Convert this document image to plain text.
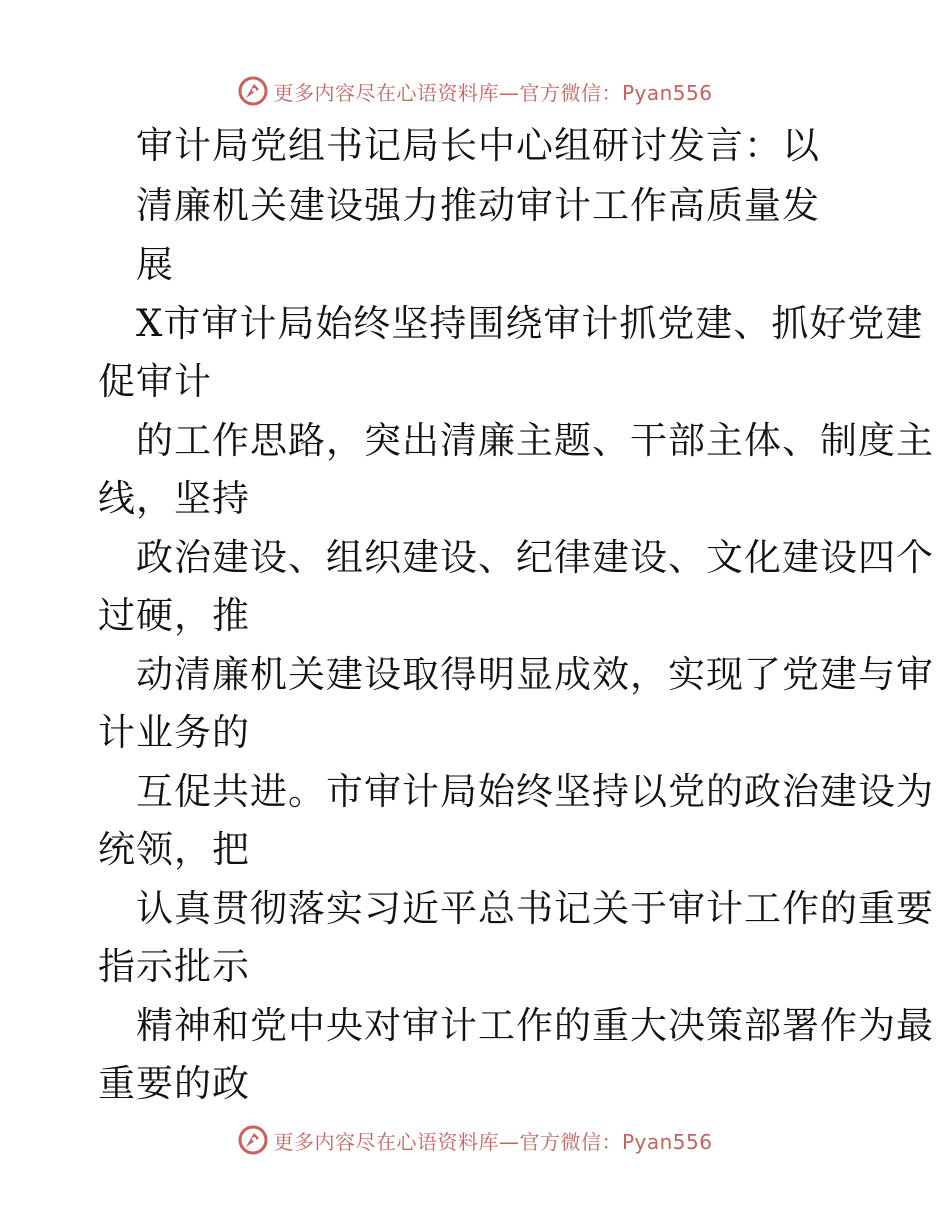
更多内容尽在心语资料库—官方微信：Pyan556
审计局党组书记局长中心组研讨发言：以
清廉机关建设强力推动审计工作高质量发
展
X市审计局始终坚持围绕审计抓党建、抓好党建
促审计
的工作思路，突出清廉主题、干部主体、制度主
线，坚持
政治建设、组织建设、纪律建设、文化建设四个
过硬，推
动清廉机关建设取得明显成效，实现了党建与审
计业务的
互促共进。市审计局始终坚持以党的政治建设为
统领，把
认真贯彻落实习近平总书记关于审计工作的重要
指示批示
精神和党中央对审计工作的重大决策部署作为最
重要的政
更多内容尽在心语资料库—官方微信：Pyan556
